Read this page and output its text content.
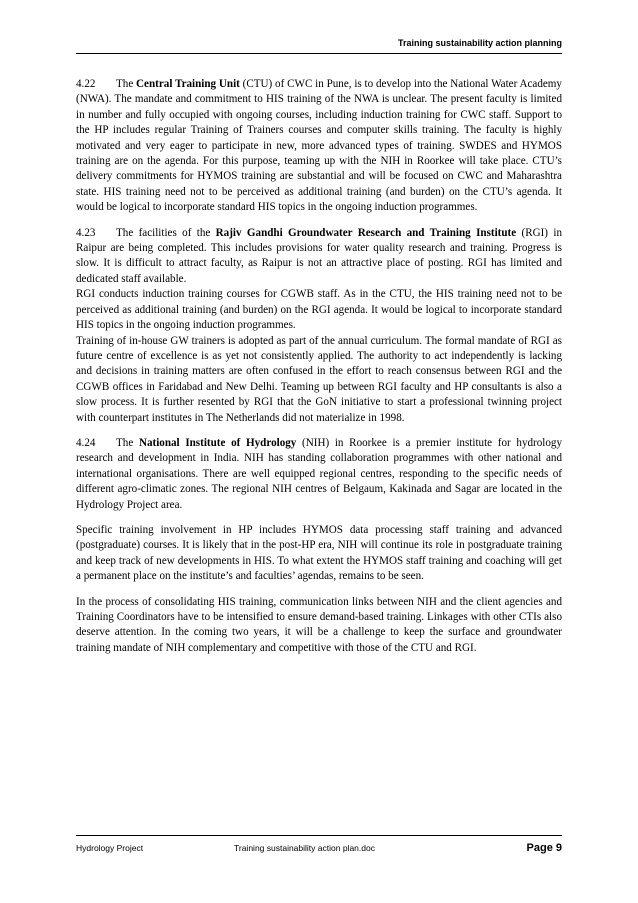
Training sustainability action planning

4.22 The Central Training Unit (CTU) of CWC in Pune, is to develop into the National Water Academy (NWA). The mandate and commitment to HIS training of the NWA is unclear. The present faculty is limited in number and fully occupied with ongoing courses, including induction training for CWC staff. Support to the HP includes regular Training of Trainers courses and computer skills training. The faculty is highly motivated and very eager to participate in new, more advanced types of training. SWDES and HYMOS training are on the agenda. For this purpose, teaming up with the NIH in Roorkee will take place. CTU’s delivery commitments for HYMOS training are substantial and will be focused on CWC and Maharashtra state. HIS training need not to be perceived as additional training (and burden) on the CTU’s agenda. It would be logical to incorporate standard HIS topics in the ongoing induction programmes.

4.23 The facilities of the Rajiv Gandhi Groundwater Research and Training Institute (RGI) in Raipur are being completed. This includes provisions for water quality research and training. Progress is slow. It is difficult to attract faculty, as Raipur is not an attractive place of posting. RGI has limited and dedicated staff available.

RGI conducts induction training courses for CGWB staff. As in the CTU, the HIS training need not to be perceived as additional training (and burden) on the RGI agenda. It would be logical to incorporate standard HIS topics in the ongoing induction programmes.

Training of in-house GW trainers is adopted as part of the annual curriculum. The formal mandate of RGI as future centre of excellence is as yet not consistently applied. The authority to act independently is lacking and decisions in training matters are often confused in the effort to reach consensus between RGI and the CGWB offices in Faridabad and New Delhi. Teaming up between RGI faculty and HP consultants is also a slow process. It is further resented by RGI that the GoN initiative to start a professional twinning project with counterpart institutes in The Netherlands did not materialize in 1998.

4.24 The National Institute of Hydrology (NIH) in Roorkee is a premier institute for hydrology research and development in India. NIH has standing collaboration programmes with other national and international organisations. There are well equipped regional centres, responding to the specific needs of different agro-climatic zones. The regional NIH centres of Belgaum, Kakinada and Sagar are located in the Hydrology Project area.

Specific training involvement in HP includes HYMOS data processing staff training and advanced (postgraduate) courses. It is likely that in the post-HP era, NIH will continue its role in postgraduate training and keep track of new developments in HIS. To what extent the HYMOS staff training and coaching will get a permanent place on the institute’s and faculties’ agendas, remains to be seen.

In the process of consolidating HIS training, communication links between NIH and the client agencies and Training Coordinators have to be intensified to ensure demand-based training. Linkages with other CTIs also deserve attention. In the coming two years, it will be a challenge to keep the surface and groundwater training mandate of NIH complementary and competitive with those of the CTU and RGI.

Hydrology Project	Training sustainability action plan.doc	Page 9
